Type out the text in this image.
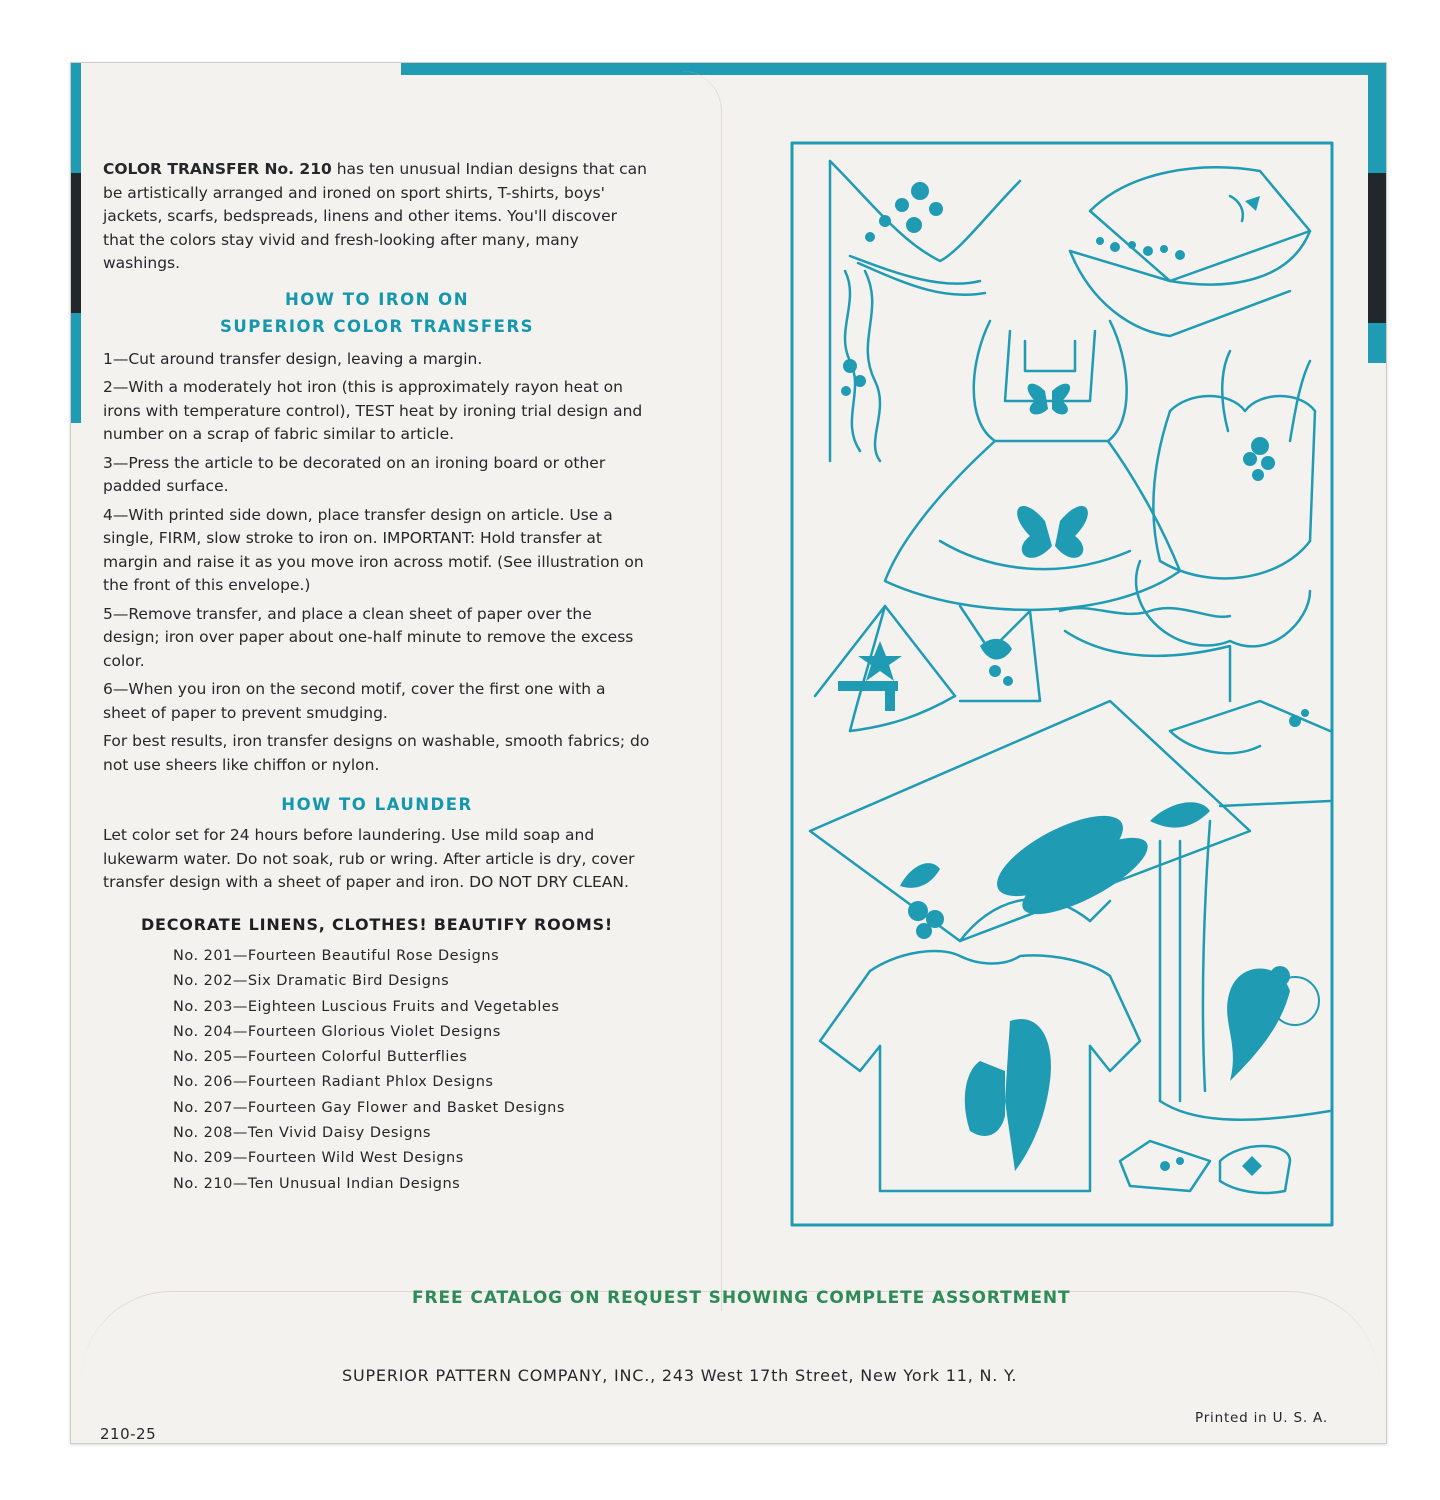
COLOR TRANSFER No. 210 has ten unusual Indian designs that can be artistically arranged and ironed on sport shirts, T-shirts, boys' jackets, scarfs, bedspreads, linens and other items. You'll discover that the colors stay vivid and fresh-looking after many, many washings.

HOW TO IRON ON
SUPERIOR COLOR TRANSFERS

1—Cut around transfer design, leaving a margin.

2—With a moderately hot iron (this is approximately rayon heat on irons with temperature control), TEST heat by ironing trial design and number on a scrap of fabric similar to article.

3—Press the article to be decorated on an ironing board or other padded surface.

4—With printed side down, place transfer design on article. Use a single, FIRM, slow stroke to iron on. IMPORTANT: Hold transfer at margin and raise it as you move iron across motif. (See illustration on the front of this envelope.)

5—Remove transfer, and place a clean sheet of paper over the design; iron over paper about one-half minute to remove the excess color.

6—When you iron on the second motif, cover the first one with a sheet of paper to prevent smudging.

For best results, iron transfer designs on washable, smooth fabrics; do not use sheers like chiffon or nylon.

HOW TO LAUNDER

Let color set for 24 hours before laundering. Use mild soap and lukewarm water. Do not soak, rub or wring. After article is dry, cover transfer design with a sheet of paper and iron. DO NOT DRY CLEAN.

DECORATE LINENS, CLOTHES! BEAUTIFY ROOMS!
No. 201—Fourteen Beautiful Rose Designs
No. 202—Six Dramatic Bird Designs
No. 203—Eighteen Luscious Fruits and Vegetables
No. 204—Fourteen Glorious Violet Designs
No. 205—Fourteen Colorful Butterflies
No. 206—Fourteen Radiant Phlox Designs
No. 207—Fourteen Gay Flower and Basket Designs
No. 208—Ten Vivid Daisy Designs
No. 209—Fourteen Wild West Designs
No. 210—Ten Unusual Indian Designs
FREE CATALOG ON REQUEST SHOWING COMPLETE ASSORTMENT
SUPERIOR PATTERN COMPANY, INC., 243 West 17th Street, New York 11, N. Y.
210-25
Printed in U. S. A.
